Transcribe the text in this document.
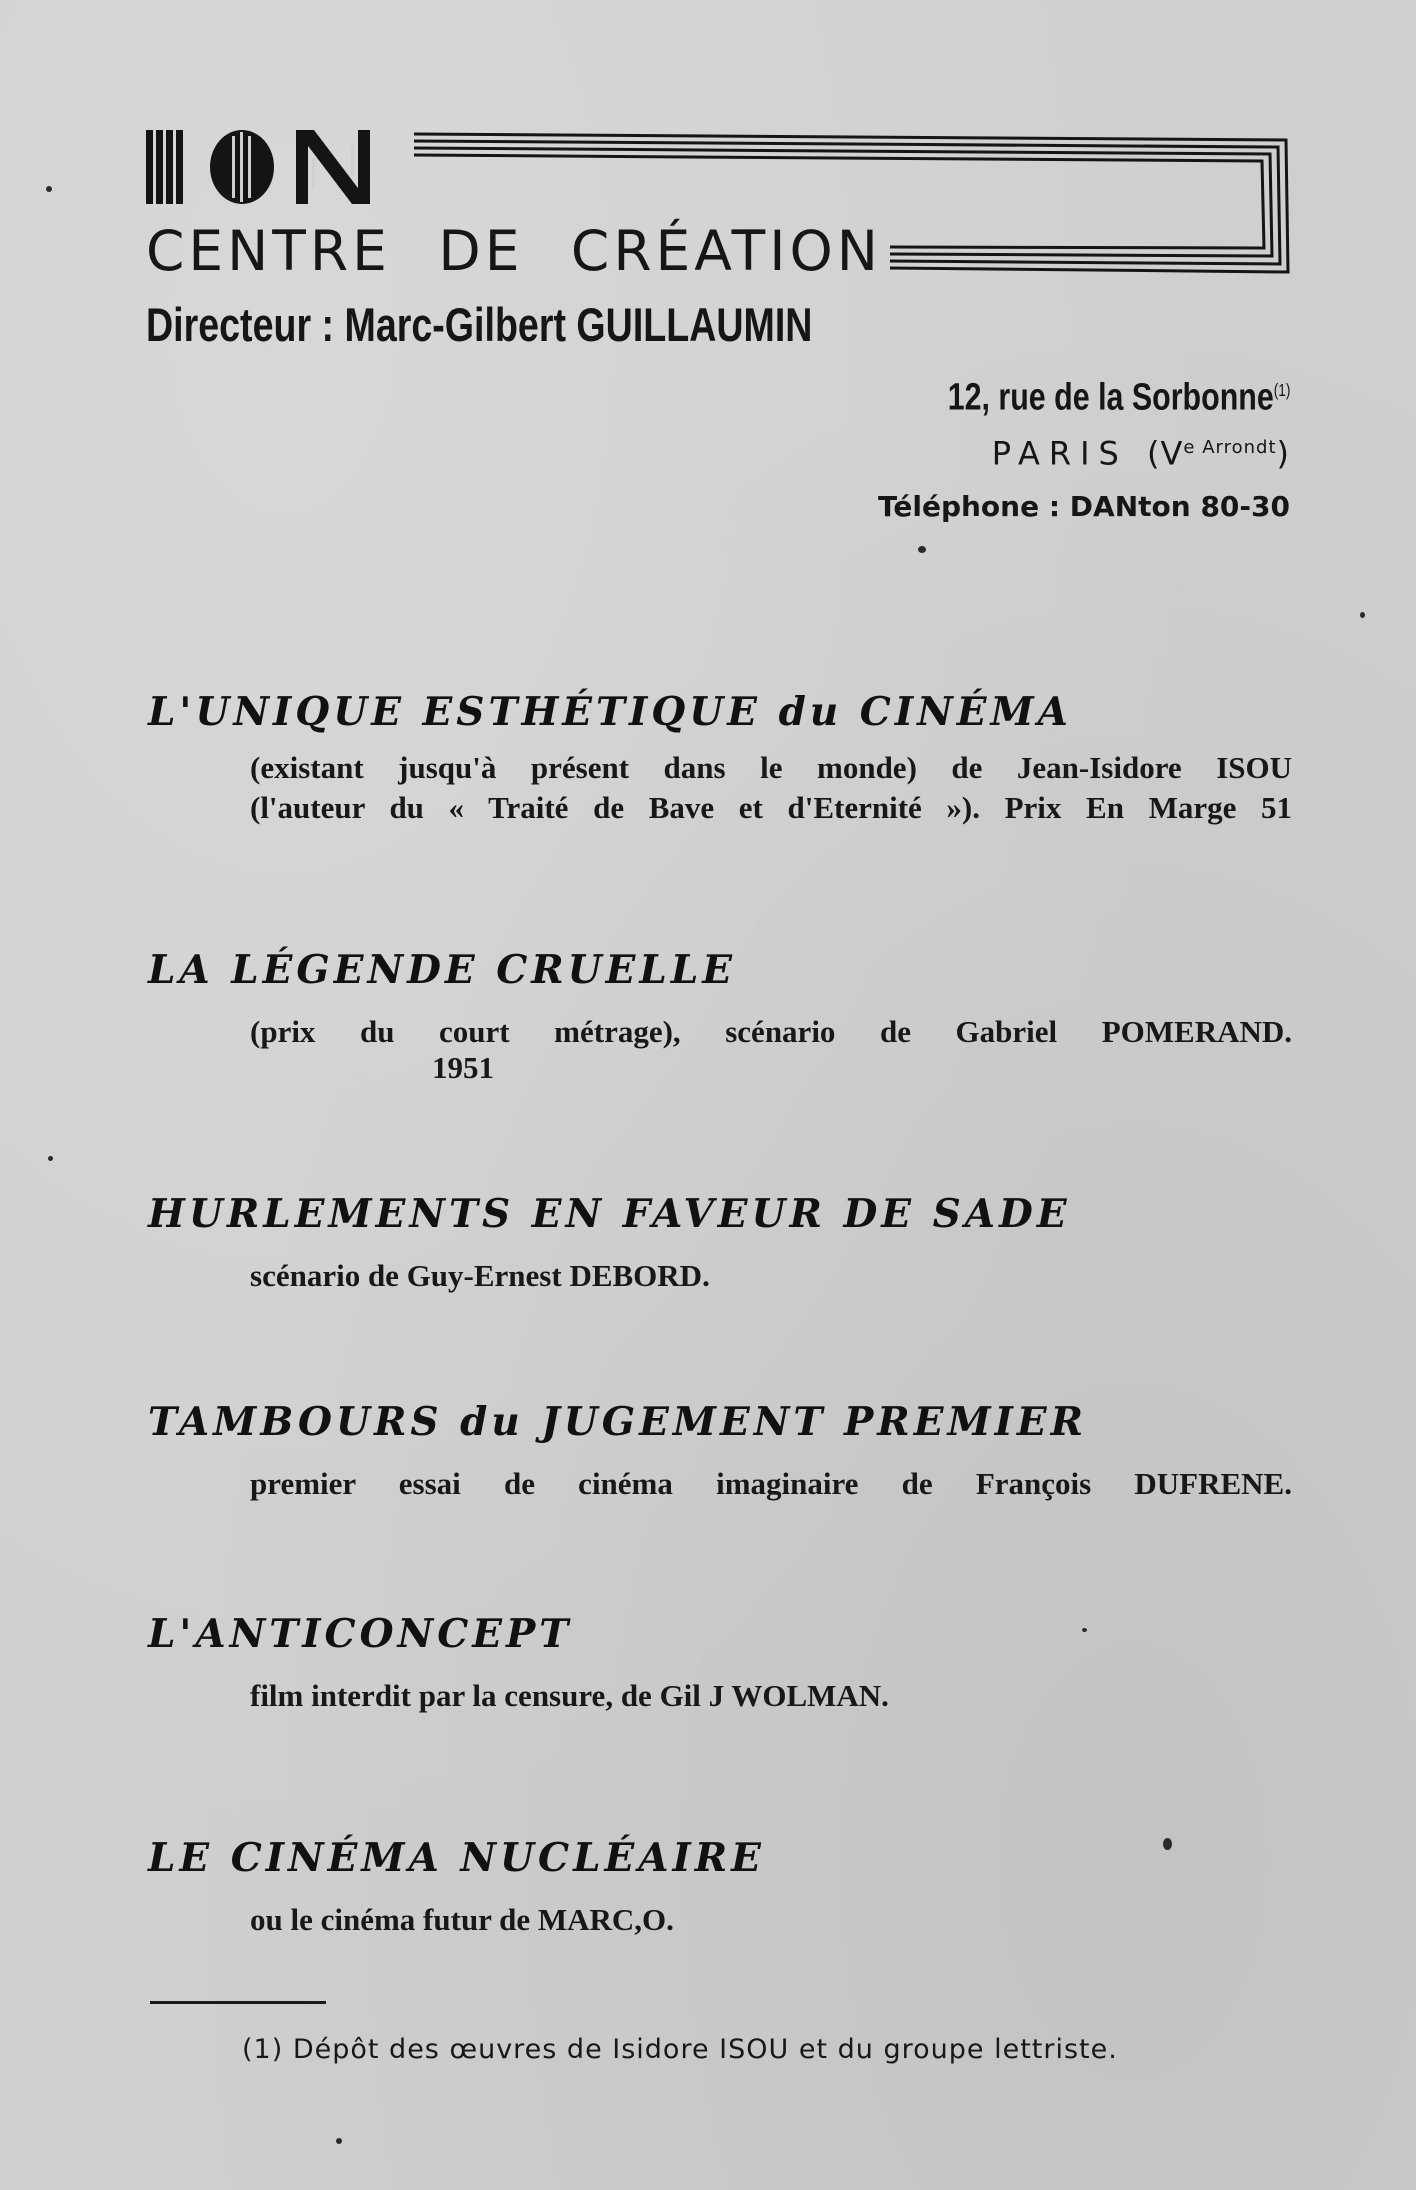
CENTRE DE CRÉATION
Directeur : Marc-Gilbert GUILLAUMIN
12, rue de la Sorbonne$^{(1)}$
PARIS $(V^{e Arrondt})$
Téléphone : DANton 80-30
L'UNIQUE ESTHÉTIQUE du CINÉMA
(existant jusqu'à présent dans le monde) de Jean-Isidore ISOU
(l'auteur du « Traité de Bave et d'Eternité »). Prix En Marge 51
LA LÉGENDE CRUELLE
(prix du court métrage), scénario de Gabriel POMERAND.
1951
HURLEMENTS EN FAVEUR DE SADE
scénario de Guy-Ernest DEBORD.
TAMBOURS du JUGEMENT PREMIER
premier essai de cinéma imaginaire de François DUFRENE.
L'ANTICONCEPT
film interdit par la censure, de Gil J WOLMAN.
LE CINÉMA NUCLÉAIRE
ou le cinéma futur de MARC,O.
(1) Dépôt des œuvres de Isidore ISOU et du groupe lettriste.
